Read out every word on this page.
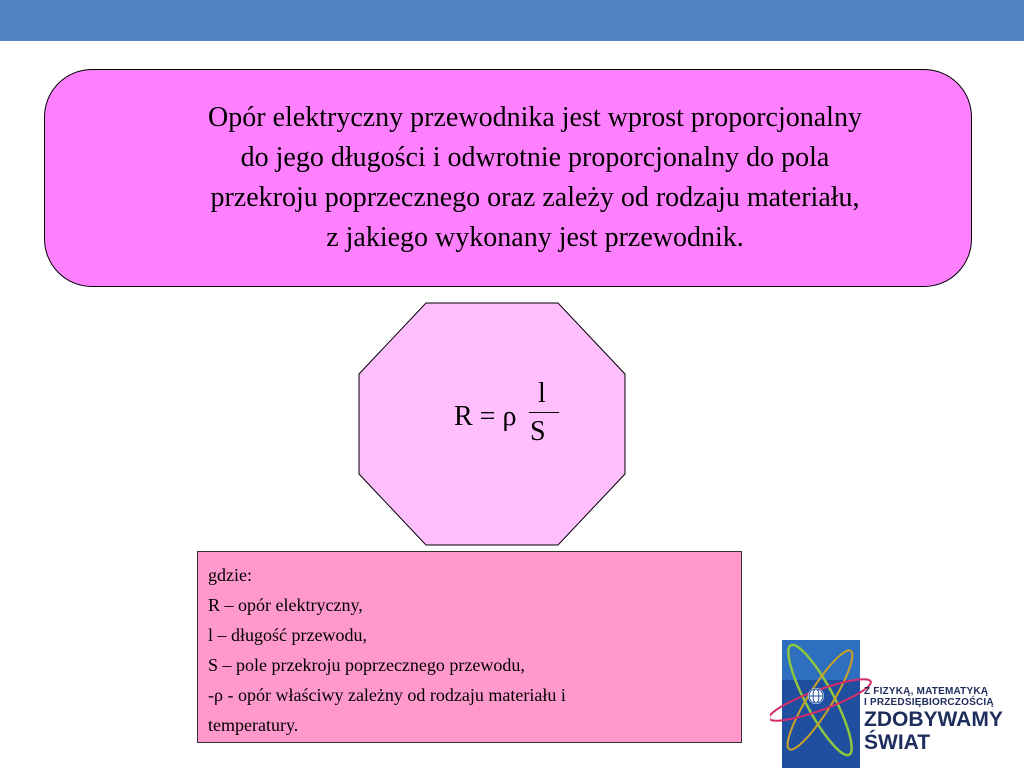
Opór elektryczny przewodnika jest wprost proporcjonalny
do jego długości i odwrotnie proporcjonalny do pola
przekroju poprzecznego oraz zależy od rodzaju materiału,
z jakiego wykonany jest przewodnik.
R = ρ
l
S
gdzie:
R – opór elektryczny,
l – długość przewodu,
S – pole przekroju poprzecznego przewodu,
-ρ - opór właściwy zależny od rodzaju materiału i
temperatury.
Z FIZYKĄ, MATEMATYKĄ
I PRZEDSIĘBIORCZOŚCIĄ
ZDOBYWAMY
ŚWIAT
